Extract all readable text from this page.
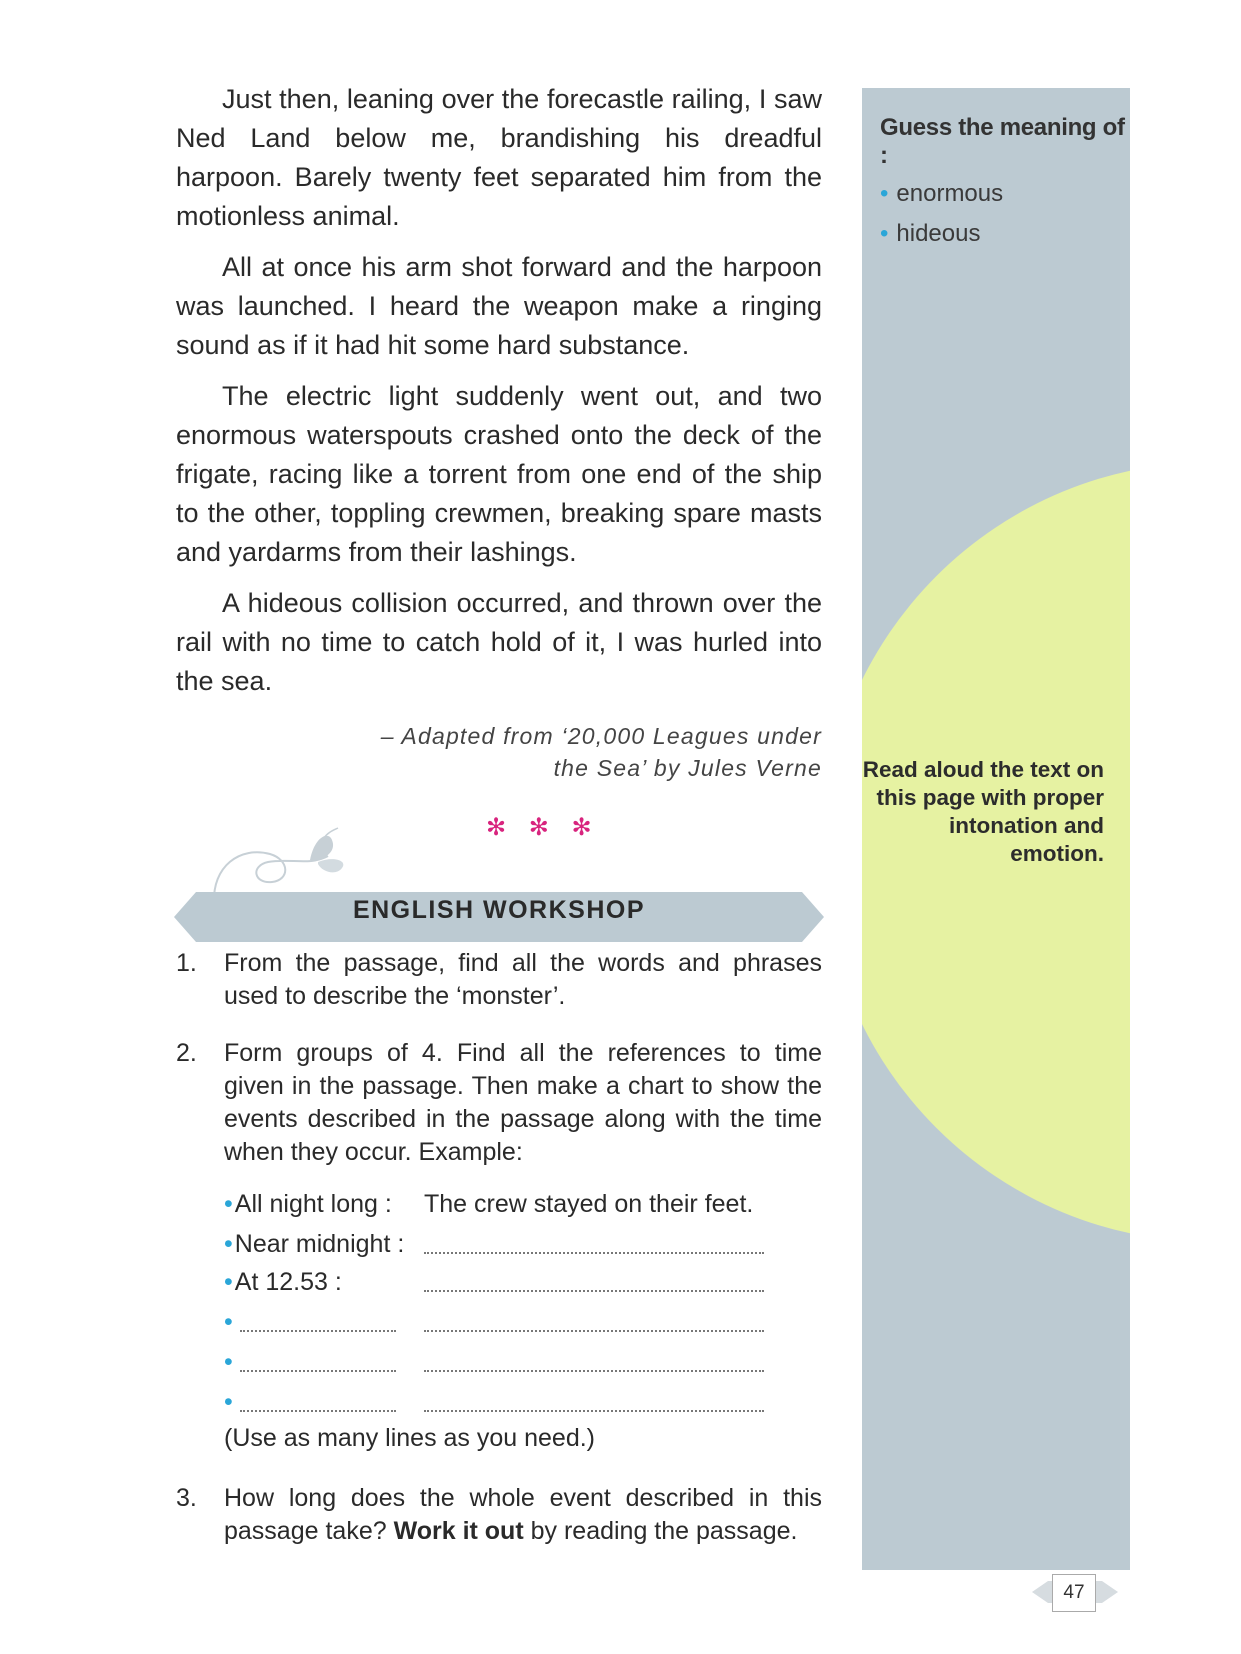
Guess the meaning of :
• enormous
• hideous
Read aloud the text on this page with proper intonation and emotion.

Just then, leaning over the forecastle railing, I saw Ned Land below me, brandishing his dreadful harpoon. Barely twenty feet separated him from the motionless animal.

All at once his arm shot forward and the harpoon was launched. I heard the weapon make a ringing sound as if it had hit some hard substance.

The electric light suddenly went out, and two enormous waterspouts crashed onto the deck of the frigate, racing like a torrent from one end of the ship to the other, toppling crewmen, breaking spare masts and yardarms from their lashings.

A hideous collision occurred, and thrown over the rail with no time to catch hold of it, I was hurled into the sea.

– Adapted from ‘20,000 Leagues under
the Sea’ by Jules Verne
✻ ✻ ✻
ENGLISH WORKSHOP
1. From the passage, find all the words and phrases used to describe the ‘monster’.
2. Form groups of 4. Find all the references to time given in the passage. Then make a chart to show the events described in the passage along with the time when they occur. Example:
•All night long : The crew stayed on their feet.
•Near midnight :
•At 12.53 :
•
•
•
(Use as many lines as you need.)
3. How long does the whole event described in this passage take? Work it out by reading the passage.
47
